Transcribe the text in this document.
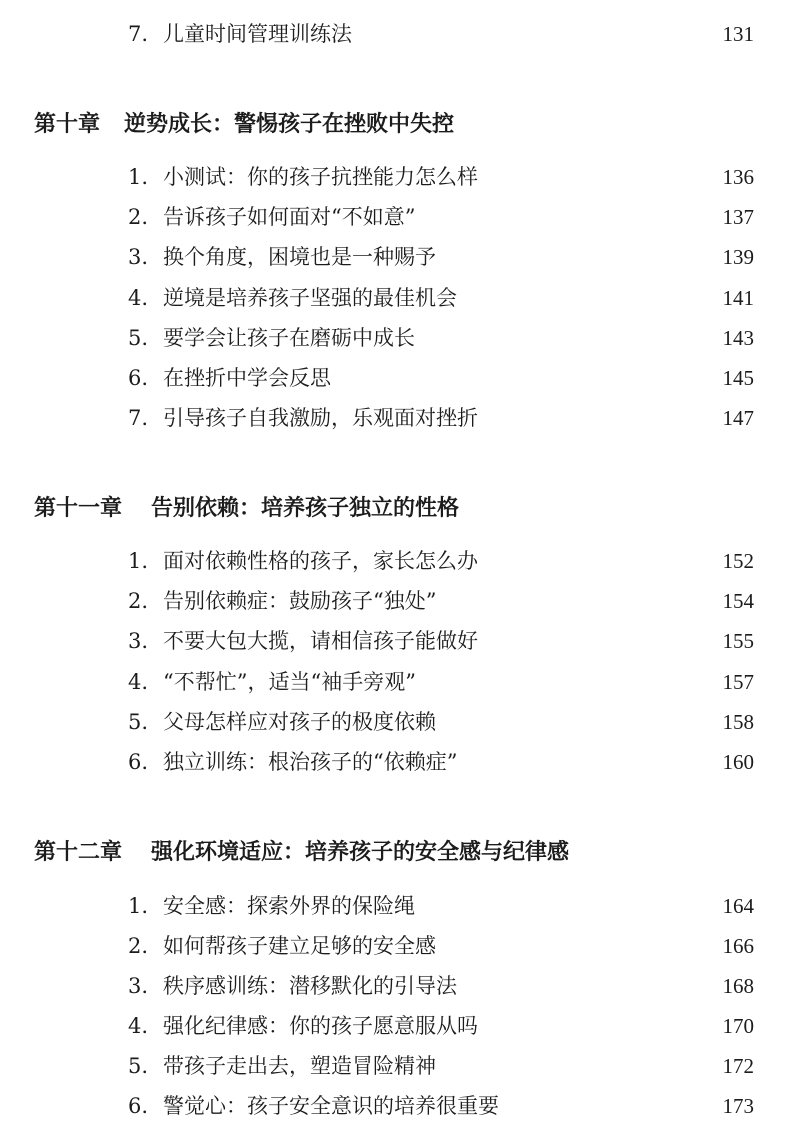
7. 儿童时间管理训练法	131
第十章 逆势成长：警惕孩子在挫败中失控
1. 小测试：你的孩子抗挫能力怎么样	136
2. 告诉孩子如何面对“不如意”	137
3. 换个角度，困境也是一种赐予	139
4. 逆境是培养孩子坚强的最佳机会	141
5. 要学会让孩子在磨砺中成长	143
6. 在挫折中学会反思	145
7. 引导孩子自我激励，乐观面对挫折	147
第十一章 告别依赖：培养孩子独立的性格
1. 面对依赖性格的孩子，家长怎么办	152
2. 告别依赖症：鼓励孩子“独处”	154
3. 不要大包大揽，请相信孩子能做好	155
4. “不帮忙”，适当“袖手旁观”	157
5. 父母怎样应对孩子的极度依赖	158
6. 独立训练：根治孩子的“依赖症”	160
第十二章 强化环境适应：培养孩子的安全感与纪律感
1. 安全感：探索外界的保险绳	164
2. 如何帮孩子建立足够的安全感	166
3. 秩序感训练：潜移默化的引导法	168
4. 强化纪律感：你的孩子愿意服从吗	170
5. 带孩子走出去，塑造冒险精神	172
6. 警觉心：孩子安全意识的培养很重要	173
